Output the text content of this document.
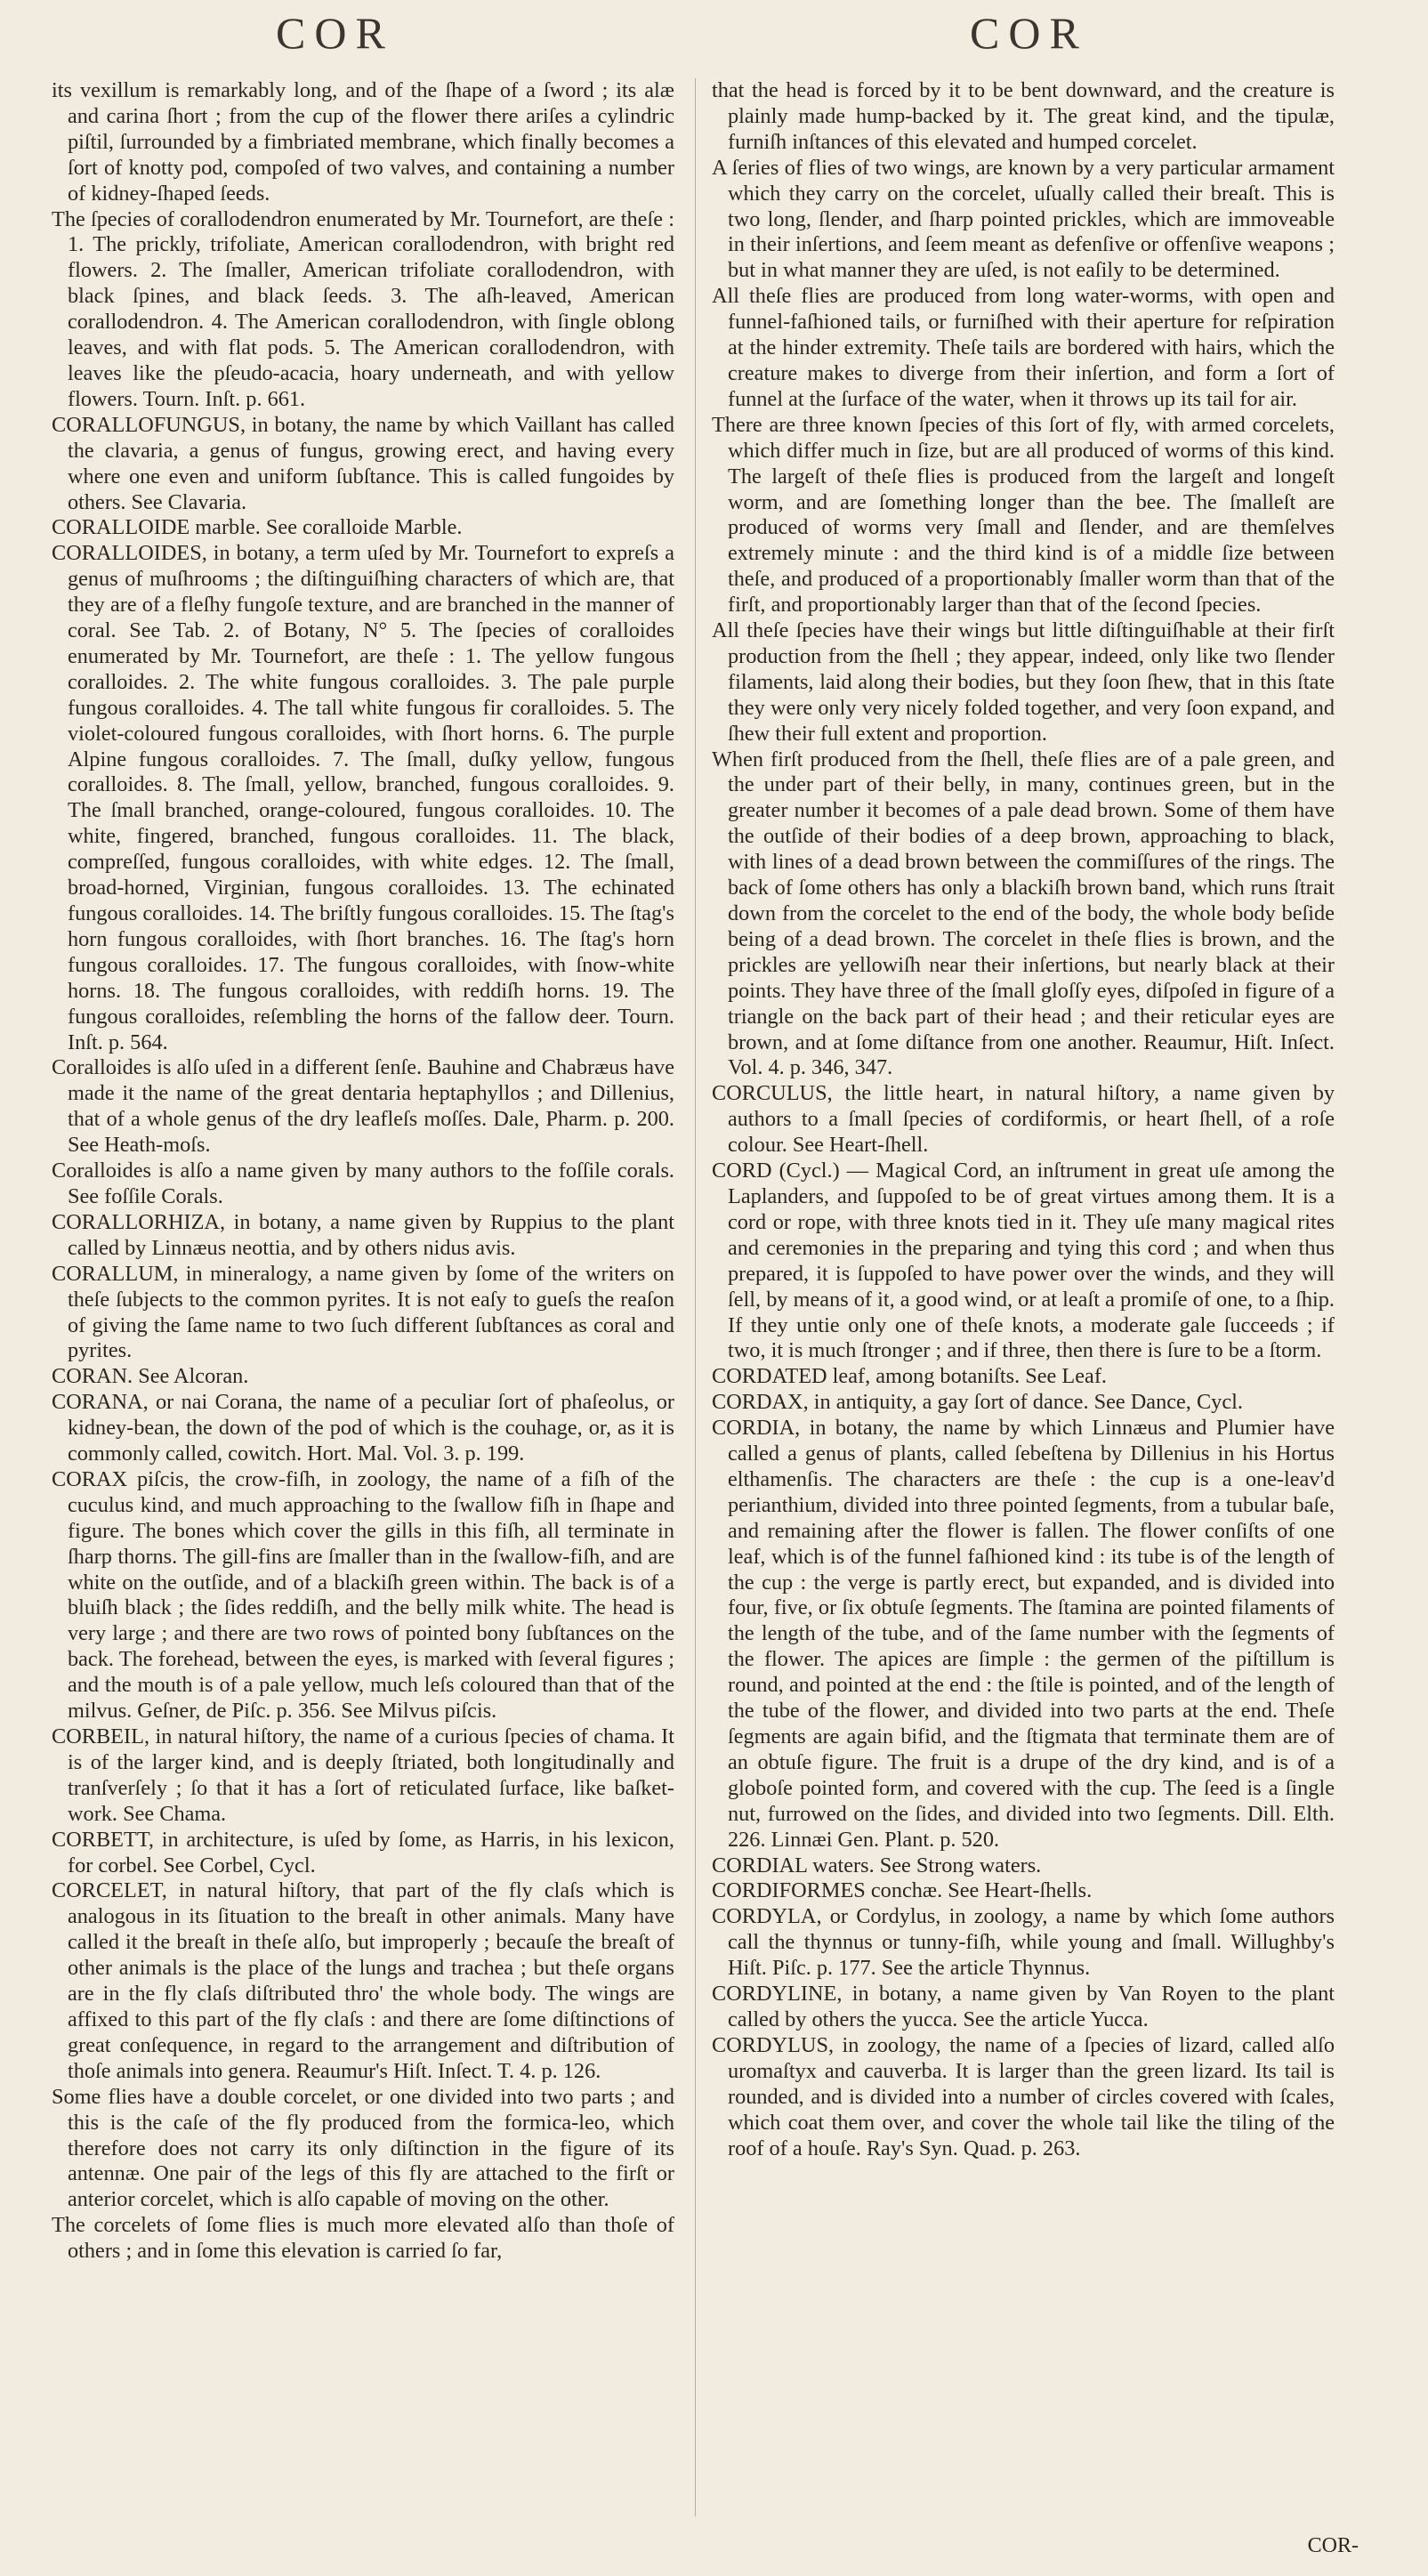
COR	COR

its vexillum is remarkably long, and of the ſhape of a ſword ; its alæ and carina ſhort ; from the cup of the flower there ariſes a cylindric piſtil, ſurrounded by a fimbriated membrane, which finally becomes a ſort of knotty pod, compoſed of two valves, and containing a number of kidney-ſhaped ſeeds.

The ſpecies of corallodendron enumerated by Mr. Tournefort, are theſe : 1. The prickly, trifoliate, American corallodendron, with bright red flowers. 2. The ſmaller, American trifoliate corallodendron, with black ſpines, and black ſeeds. 3. The aſh-leaved, American corallodendron. 4. The American corallodendron, with ſingle oblong leaves, and with flat pods. 5. The American corallodendron, with leaves like the pſeudo-acacia, hoary underneath, and with yellow flowers. Tourn. Inſt. p. 661.

CORALLOFUNGUS, in botany, the name by which Vaillant has called the clavaria, a genus of fungus, growing erect, and having every where one even and uniform ſubſtance. This is called fungoides by others. See Clavaria.

CORALLOIDE marble. See coralloide Marble.

CORALLOIDES, in botany, a term uſed by Mr. Tournefort to expreſs a genus of muſhrooms ; the diſtinguiſhing characters of which are, that they are of a fleſhy fungoſe texture, and are branched in the manner of coral. See Tab. 2. of Botany, N° 5. The ſpecies of coralloides enumerated by Mr. Tournefort, are theſe : 1. The yellow fungous coralloides. 2. The white fungous coralloides. 3. The pale purple fungous coralloides. 4. The tall white fungous fir coralloides. 5. The violet-coloured fungous coralloides, with ſhort horns. 6. The purple Alpine fungous coralloides. 7. The ſmall, duſky yellow, fungous coralloides. 8. The ſmall, yellow, branched, fungous coralloides. 9. The ſmall branched, orange-coloured, fungous coralloides. 10. The white, fingered, branched, fungous coralloides. 11. The black, compreſſed, fungous coralloides, with white edges. 12. The ſmall, broad-horned, Virginian, fungous coralloides. 13. The echinated fungous coralloides. 14. The briſtly fungous coralloides. 15. The ſtag's horn fungous coralloides, with ſhort branches. 16. The ſtag's horn fungous coralloides. 17. The fungous coralloides, with ſnow-white horns. 18. The fungous coralloides, with reddiſh horns. 19. The fungous coralloides, reſembling the horns of the fallow deer. Tourn. Inſt. p. 564.

Coralloides is alſo uſed in a different ſenſe. Bauhine and Chabræus have made it the name of the great dentaria heptaphyllos ; and Dillenius, that of a whole genus of the dry leafleſs moſſes. Dale, Pharm. p. 200. See Heath-moſs.

Coralloides is alſo a name given by many authors to the foſſile corals. See foſſile Corals.

CORALLORHIZA, in botany, a name given by Ruppius to the plant called by Linnæus neottia, and by others nidus avis.

CORALLUM, in mineralogy, a name given by ſome of the writers on theſe ſubjects to the common pyrites. It is not eaſy to gueſs the reaſon of giving the ſame name to two ſuch different ſubſtances as coral and pyrites.

CORAN. See Alcoran.

CORANA, or nai Corana, the name of a peculiar ſort of phaſeolus, or kidney-bean, the down of the pod of which is the couhage, or, as it is commonly called, cowitch. Hort. Mal. Vol. 3. p. 199.

CORAX piſcis, the crow-fiſh, in zoology, the name of a fiſh of the cuculus kind, and much approaching to the ſwallow fiſh in ſhape and figure. The bones which cover the gills in this fiſh, all terminate in ſharp thorns. The gill-fins are ſmaller than in the ſwallow-fiſh, and are white on the outſide, and of a blackiſh green within. The back is of a bluiſh black ; the ſides reddiſh, and the belly milk white. The head is very large ; and there are two rows of pointed bony ſubſtances on the back. The forehead, between the eyes, is marked with ſeveral figures ; and the mouth is of a pale yellow, much leſs coloured than that of the milvus. Geſner, de Piſc. p. 356. See Milvus piſcis.

CORBEIL, in natural hiſtory, the name of a curious ſpecies of chama. It is of the larger kind, and is deeply ſtriated, both longitudinally and tranſverſely ; ſo that it has a ſort of reticulated ſurface, like baſket-work. See Chama.

CORBETT, in architecture, is uſed by ſome, as Harris, in his lexicon, for corbel. See Corbel, Cycl.

CORCELET, in natural hiſtory, that part of the fly claſs which is analogous in its ſituation to the breaſt in other animals. Many have called it the breaſt in theſe alſo, but improperly ; becauſe the breaſt of other animals is the place of the lungs and trachea ; but theſe organs are in the fly claſs diſtributed thro' the whole body. The wings are affixed to this part of the fly claſs : and there are ſome diſtinctions of great conſequence, in regard to the arrangement and diſtribution of thoſe animals into genera. Reaumur's Hiſt. Inſect. T. 4. p. 126.

Some flies have a double corcelet, or one divided into two parts ; and this is the caſe of the fly produced from the formica-leo, which therefore does not carry its only diſtinction in the figure of its antennæ. One pair of the legs of this fly are attached to the firſt or anterior corcelet, which is alſo capable of moving on the other.

The corcelets of ſome flies is much more elevated alſo than thoſe of others ; and in ſome this elevation is carried ſo far,

that the head is forced by it to be bent downward, and the creature is plainly made hump-backed by it. The great kind, and the tipulæ, furniſh inſtances of this elevated and humped corcelet.

A ſeries of flies of two wings, are known by a very particular armament which they carry on the corcelet, uſually called their breaſt. This is two long, ſlender, and ſharp pointed prickles, which are immoveable in their inſertions, and ſeem meant as defenſive or offenſive weapons ; but in what manner they are uſed, is not eaſily to be determined.

All theſe flies are produced from long water-worms, with open and funnel-faſhioned tails, or furniſhed with their aperture for reſpiration at the hinder extremity. Theſe tails are bordered with hairs, which the creature makes to diverge from their inſertion, and form a ſort of funnel at the ſurface of the water, when it throws up its tail for air.

There are three known ſpecies of this ſort of fly, with armed corcelets, which differ much in ſize, but are all produced of worms of this kind. The largeſt of theſe flies is produced from the largeſt and longeſt worm, and are ſomething longer than the bee. The ſmalleſt are produced of worms very ſmall and ſlender, and are themſelves extremely minute : and the third kind is of a middle ſize between theſe, and produced of a proportionably ſmaller worm than that of the firſt, and proportionably larger than that of the ſecond ſpecies.

All theſe ſpecies have their wings but little diſtinguiſhable at their firſt production from the ſhell ; they appear, indeed, only like two ſlender filaments, laid along their bodies, but they ſoon ſhew, that in this ſtate they were only very nicely folded together, and very ſoon expand, and ſhew their full extent and proportion.

When firſt produced from the ſhell, theſe flies are of a pale green, and the under part of their belly, in many, continues green, but in the greater number it becomes of a pale dead brown. Some of them have the outſide of their bodies of a deep brown, approaching to black, with lines of a dead brown between the commiſſures of the rings. The back of ſome others has only a blackiſh brown band, which runs ſtrait down from the corcelet to the end of the body, the whole body beſide being of a dead brown. The corcelet in theſe flies is brown, and the prickles are yellowiſh near their inſertions, but nearly black at their points. They have three of the ſmall gloſſy eyes, diſpoſed in figure of a triangle on the back part of their head ; and their reticular eyes are brown, and at ſome diſtance from one another. Reaumur, Hiſt. Inſect. Vol. 4. p. 346, 347.

CORCULUS, the little heart, in natural hiſtory, a name given by authors to a ſmall ſpecies of cordiformis, or heart ſhell, of a roſe colour. See Heart-ſhell.

CORD (Cycl.) — Magical Cord, an inſtrument in great uſe among the Laplanders, and ſuppoſed to be of great virtues among them. It is a cord or rope, with three knots tied in it. They uſe many magical rites and ceremonies in the preparing and tying this cord ; and when thus prepared, it is ſuppoſed to have power over the winds, and they will ſell, by means of it, a good wind, or at leaſt a promiſe of one, to a ſhip. If they untie only one of theſe knots, a moderate gale ſucceeds ; if two, it is much ſtronger ; and if three, then there is ſure to be a ſtorm.

CORDATED leaf, among botaniſts. See Leaf.

CORDAX, in antiquity, a gay ſort of dance. See Dance, Cycl.

CORDIA, in botany, the name by which Linnæus and Plumier have called a genus of plants, called ſebeſtena by Dillenius in his Hortus elthamenſis. The characters are theſe : the cup is a one-leav'd perianthium, divided into three pointed ſegments, from a tubular baſe, and remaining after the flower is fallen. The flower conſiſts of one leaf, which is of the funnel faſhioned kind : its tube is of the length of the cup : the verge is partly erect, but expanded, and is divided into four, five, or ſix obtuſe ſegments. The ſtamina are pointed filaments of the length of the tube, and of the ſame number with the ſegments of the flower. The apices are ſimple : the germen of the piſtillum is round, and pointed at the end : the ſtile is pointed, and of the length of the tube of the flower, and divided into two parts at the end. Theſe ſegments are again bifid, and the ſtigmata that terminate them are of an obtuſe figure. The fruit is a drupe of the dry kind, and is of a globoſe pointed form, and covered with the cup. The ſeed is a ſingle nut, furrowed on the ſides, and divided into two ſegments. Dill. Elth. 226. Linnæi Gen. Plant. p. 520.

CORDIAL waters. See Strong waters.

CORDIFORMES conchæ. See Heart-ſhells.

CORDYLA, or Cordylus, in zoology, a name by which ſome authors call the thynnus or tunny-fiſh, while young and ſmall. Willughby's Hiſt. Piſc. p. 177. See the article Thynnus.

CORDYLINE, in botany, a name given by Van Royen to the plant called by others the yucca. See the article Yucca.

CORDYLUS, in zoology, the name of a ſpecies of lizard, called alſo uromaſtyx and cauverba. It is larger than the green lizard. Its tail is rounded, and is divided into a number of circles covered with ſcales, which coat them over, and cover the whole tail like the tiling of the roof of a houſe. Ray's Syn. Quad. p. 263.

COR-
